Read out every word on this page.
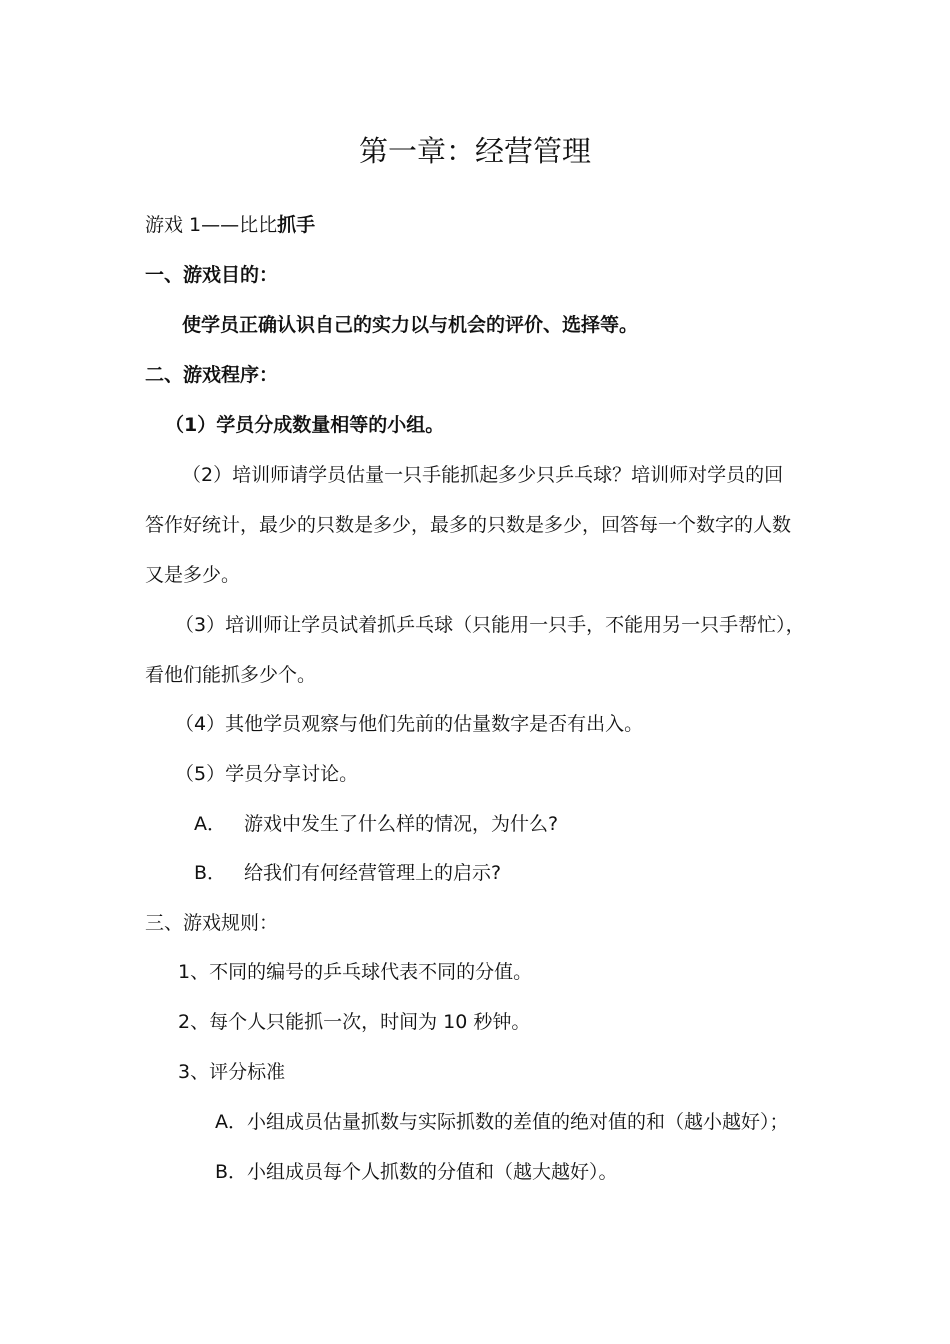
第一章：经营管理
游戏 1——比比抓手
一、游戏目的：
使学员正确认识自己的实力以与机会的评价、选择等。
二、游戏程序：
（1）学员分成数量相等的小组。
（2）培训师请学员估量一只手能抓起多少只乒乓球？培训师对学员的回
答作好统计，最少的只数是多少，最多的只数是多少，回答每一个数字的人数
又是多少。
（3）培训师让学员试着抓乒乓球（只能用一只手，不能用另一只手帮忙），
看他们能抓多少个。
（4）其他学员观察与他们先前的估量数字是否有出入。
（5）学员分享讨论。
A． 游戏中发生了什么样的情况，为什么?
B． 给我们有何经营管理上的启示?
三、游戏规则：
1、不同的编号的乒乓球代表不同的分值。
2、每个人只能抓一次，时间为 10 秒钟。
3、评分标准
A．小组成员估量抓数与实际抓数的差值的绝对值的和（越小越好）；
B．小组成员每个人抓数的分值和（越大越好）。
